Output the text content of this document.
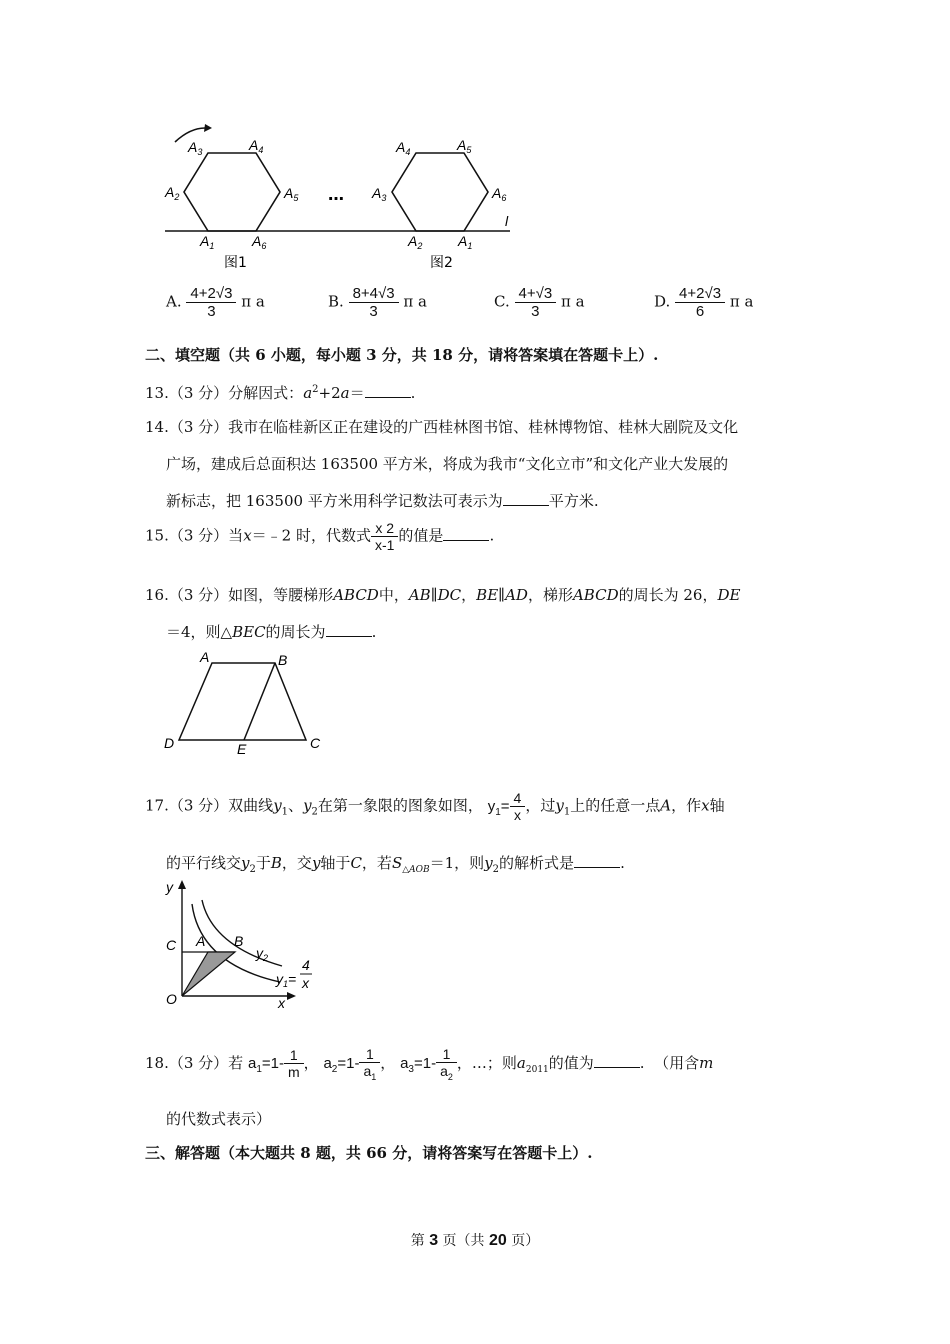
$A_3$	$A_4$
$A_2$	$A_5$
$A_1$	$A_6$
图1
…
$A_4$	$A_5$
$A_3$	$A_6$
$A_2$	$A_1$
图2
l
A. $\frac{4+2√3}{3}$ π a	B. $\frac{8+4√3}{3}$ π a	C. $\frac{4+√3}{3}$ π a	D. $\frac{4+2√3}{6}$ π a
二、填空题（共 6 小题，每小题 3 分，共 18 分，请将答案填在答题卡上）.
13.（3 分）分解因式：$a^2+2a=$	.
14.（3 分）我市在临桂新区正在建设的广西桂林图书馆、桂林博物馆、桂林大剧院及文化
广场，建成后总面积达 163500 平方米，将成为我市“文化立市”和文化产业大发展的
新标志，把 163500 平方米用科学记数法可表示为	平方米.
15.（3 分）当x＝﹣2 时，代数式 $\frac{x 2}{x-1}$ 的值是	.
16.（3 分）如图，等腰梯形ABCD中，AB∥DC，BE∥AD，梯形ABCD的周长为 26，DE
＝4，则△BEC的周长为	.
A	B
C
D	E
17.（3 分）双曲线$y_1$、$y_2$在第一象限的图象如图， $y_1= \frac{4}{x}$ ，过$y_1$上的任意一点A，作x轴
的平行线交$y_2$于B，交y轴于C，若$S_{\triangle AOB}=1$，则$y_2$的解析式是	.
y
x
C A B
O
$y_2$
$y_1=$
4
x
18.（3 分）若 $a_1=1- \frac{1}{m}$ ， $a_2=1- \frac{1}{a_1}$ ， $a_3=1- \frac{1}{a_2}$ ，…；则$a_{2011}$的值为	. （用含m
的代数式表示）
三、解答题（本大题共 8 题，共 66 分，请将答案写在答题卡上）.
第 3 页（共 20 页）
